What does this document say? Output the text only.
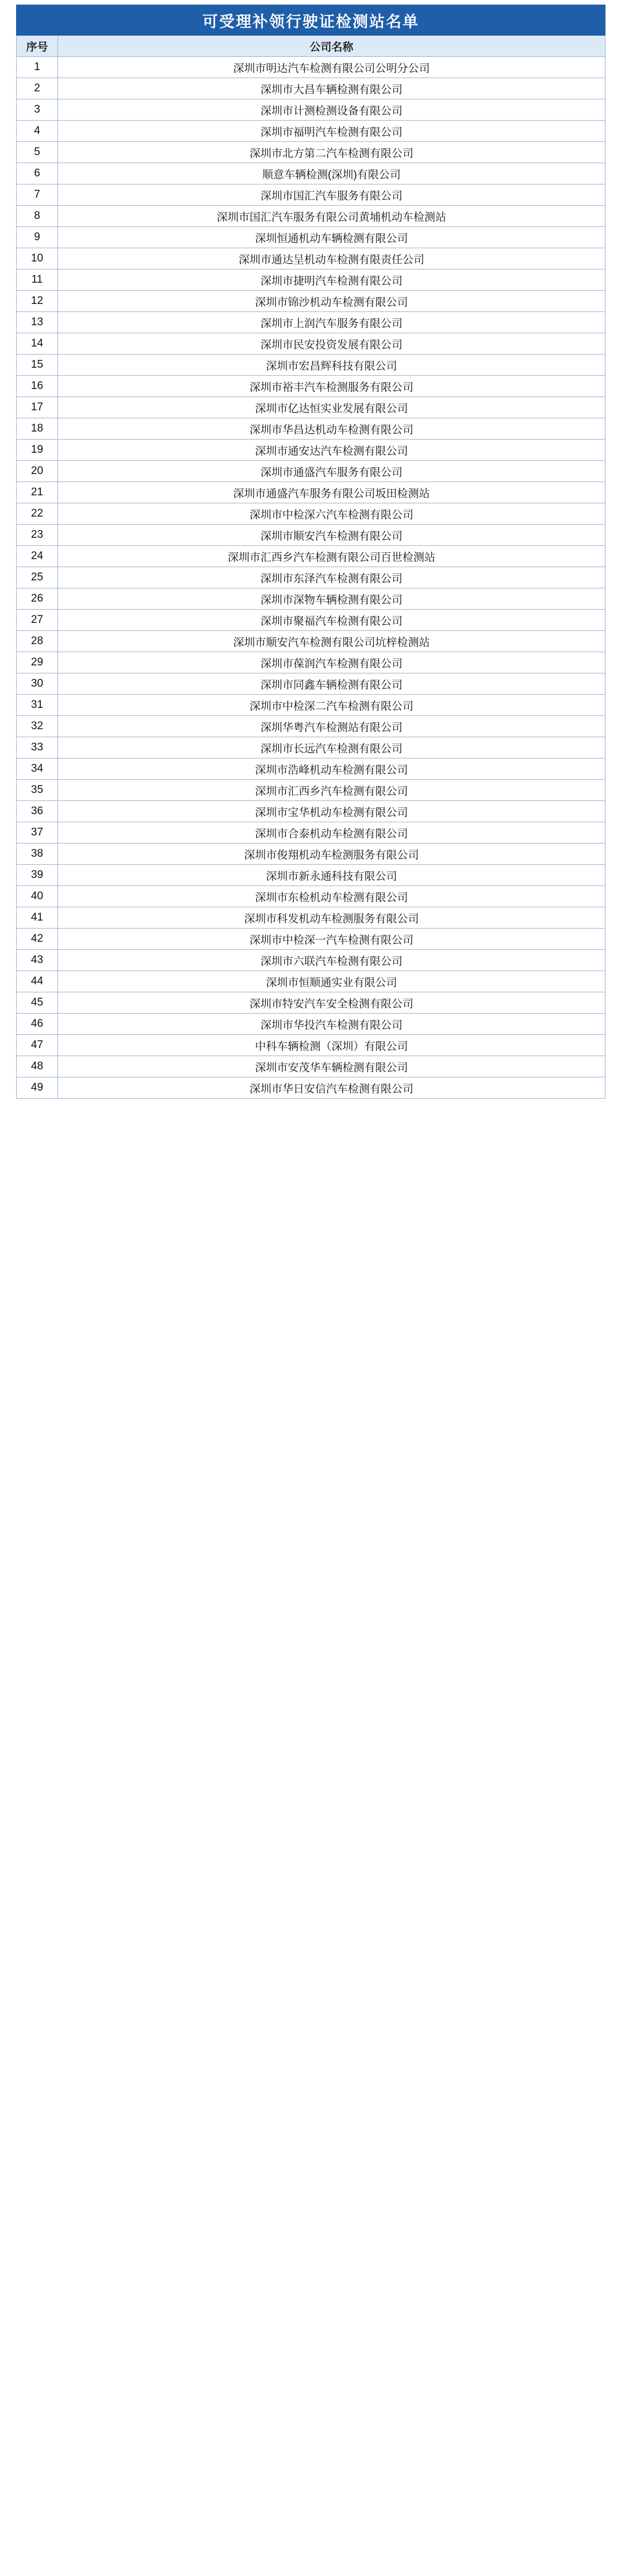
可受理补领行驶证检测站名单	
序号	公司名称
1	深圳市明达汽车检测有限公司公明分公司
2	深圳市大昌车辆检测有限公司
3	深圳市计测检测设备有限公司
4	深圳市福明汽车检测有限公司
5	深圳市北方第二汽车检测有限公司
6	顺意车辆检测(深圳)有限公司
7	深圳市国汇汽车服务有限公司
8	深圳市国汇汽车服务有限公司黄埔机动车检测站
9	深圳恒通机动车辆检测有限公司
10	深圳市通达呈机动车检测有限责任公司
11	深圳市捷明汽车检测有限公司
12	深圳市锦沙机动车检测有限公司
13	深圳市上润汽车服务有限公司
14	深圳市民安投资发展有限公司
15	深圳市宏昌辉科技有限公司
16	深圳市裕丰汽车检测服务有限公司
17	深圳市亿达恒实业发展有限公司
18	深圳市华昌达机动车检测有限公司
19	深圳市通安达汽车检测有限公司
20	深圳市通盛汽车服务有限公司
21	深圳市通盛汽车服务有限公司坂田检测站
22	深圳市中检深六汽车检测有限公司
23	深圳市顺安汽车检测有限公司
24	深圳市汇西乡汽车检测有限公司百世检测站
25	深圳市东泽汽车检测有限公司
26	深圳市深物车辆检测有限公司
27	深圳市聚福汽车检测有限公司
28	深圳市顺安汽车检测有限公司坑梓检测站
29	深圳市葆润汽车检测有限公司
30	深圳市同鑫车辆检测有限公司
31	深圳市中检深二汽车检测有限公司
32	深圳华粤汽车检测站有限公司
33	深圳市长远汽车检测有限公司
34	深圳市浩峰机动车检测有限公司
35	深圳市汇西乡汽车检测有限公司
36	深圳市宝华机动车检测有限公司
37	深圳市合泰机动车检测有限公司
38	深圳市俊翔机动车检测服务有限公司
39	深圳市新永通科技有限公司
40	深圳市东检机动车检测有限公司
41	深圳市科发机动车检测服务有限公司
42	深圳市中检深一汽车检测有限公司
43	深圳市六联汽车检测有限公司
44	深圳市恒顺通实业有限公司
45	深圳市特安汽车安全检测有限公司
46	深圳市华投汽车检测有限公司
47	中科车辆检测（深圳）有限公司
48	深圳市安茂华车辆检测有限公司
49	深圳市华日安信汽车检测有限公司
